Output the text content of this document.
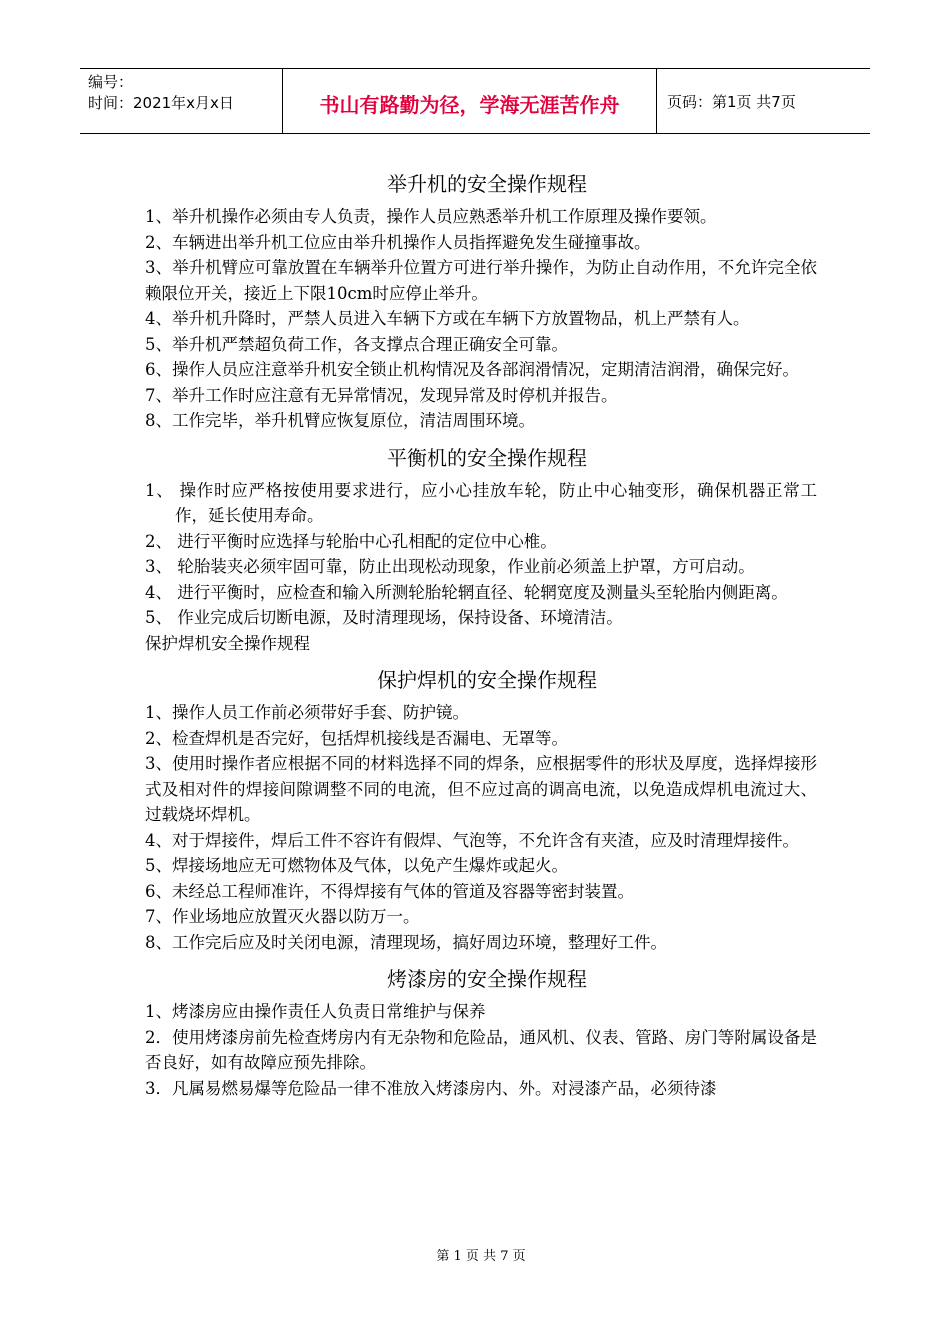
编号：
时间：2021年x月x日	书山有路勤为径，学海无涯苦作舟	页码：第1页 共7页
举升机的安全操作规程

1、举升机操作必须由专人负责，操作人员应熟悉举升机工作原理及操作要领。

2、车辆进出举升机工位应由举升机操作人员指挥避免发生碰撞事故。

3、举升机臂应可靠放置在车辆举升位置方可进行举升操作，为防止自动作用，不允许完全依赖限位开关，接近上下限10cm时应停止举升。

4、举升机升降时，严禁人员进入车辆下方或在车辆下方放置物品，机上严禁有人。

5、举升机严禁超负荷工作，各支撑点合理正确安全可靠。

6、操作人员应注意举升机安全锁止机构情况及各部润滑情况，定期清洁润滑，确保完好。

7、举升工作时应注意有无异常情况，发现异常及时停机并报告。

8、工作完毕，举升机臂应恢复原位，清洁周围环境。

平衡机的安全操作规程

1、 操作时应严格按使用要求进行，应小心挂放车轮，防止中心轴变形，确保机器正常工作，延长使用寿命。

2、 进行平衡时应选择与轮胎中心孔相配的定位中心椎。

3、 轮胎装夹必须牢固可靠，防止出现松动现象，作业前必须盖上护罩，方可启动。

4、 进行平衡时，应检查和输入所测轮胎轮辋直径、轮辋宽度及测量头至轮胎内侧距离。

5、 作业完成后切断电源，及时清理现场，保持设备、环境清洁。

保护焊机安全操作规程

保护焊机的安全操作规程

1、操作人员工作前必须带好手套、防护镜。

2、检查焊机是否完好，包括焊机接线是否漏电、无罩等。

3、使用时操作者应根据不同的材料选择不同的焊条，应根据零件的形状及厚度，选择焊接形式及相对件的焊接间隙调整不同的电流，但不应过高的调高电流，以免造成焊机电流过大、过载烧坏焊机。

4、对于焊接件，焊后工件不容许有假焊、气泡等，不允许含有夹渣，应及时清理焊接件。

5、焊接场地应无可燃物体及气体，以免产生爆炸或起火。

6、未经总工程师准许，不得焊接有气体的管道及容器等密封装置。

7、作业场地应放置灭火器以防万一。

8、工作完后应及时关闭电源，清理现场，搞好周边环境，整理好工件。

烤漆房的安全操作规程

1、烤漆房应由操作责任人负责日常维护与保养

2．使用烤漆房前先检查烤房内有无杂物和危险品，通风机、仪表、管路、房门等附属设备是否良好，如有故障应预先排除。

3．凡属易燃易爆等危险品一律不准放入烤漆房内、外。对浸漆产品，必须待漆

第 1 页 共 7 页
